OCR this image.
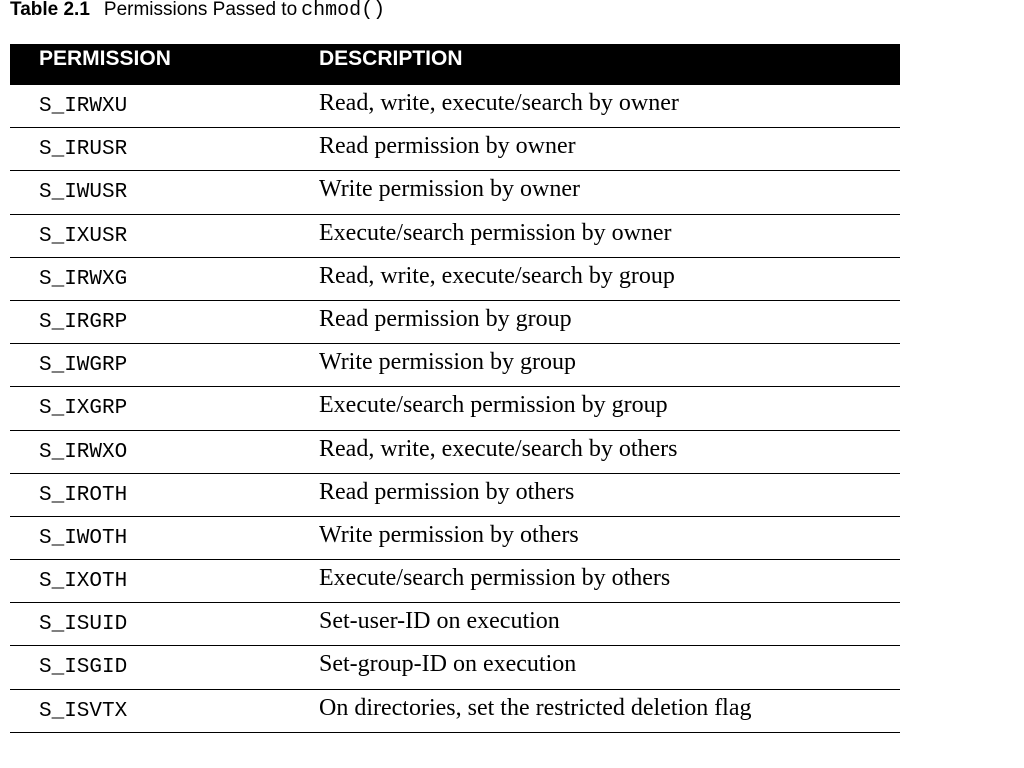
Table 2.1 Permissions Passed to chmod()
PERMISSION	DESCRIPTION
S_IRWXU	Read, write, execute/search by owner
S_IRUSR	Read permission by owner
S_IWUSR	Write permission by owner
S_IXUSR	Execute/search permission by owner
S_IRWXG	Read, write, execute/search by group
S_IRGRP	Read permission by group
S_IWGRP	Write permission by group
S_IXGRP	Execute/search permission by group
S_IRWXO	Read, write, execute/search by others
S_IROTH	Read permission by others
S_IWOTH	Write permission by others
S_IXOTH	Execute/search permission by others
S_ISUID	Set-user-ID on execution
S_ISGID	Set-group-ID on execution
S_ISVTX	On directories, set the restricted deletion flag
